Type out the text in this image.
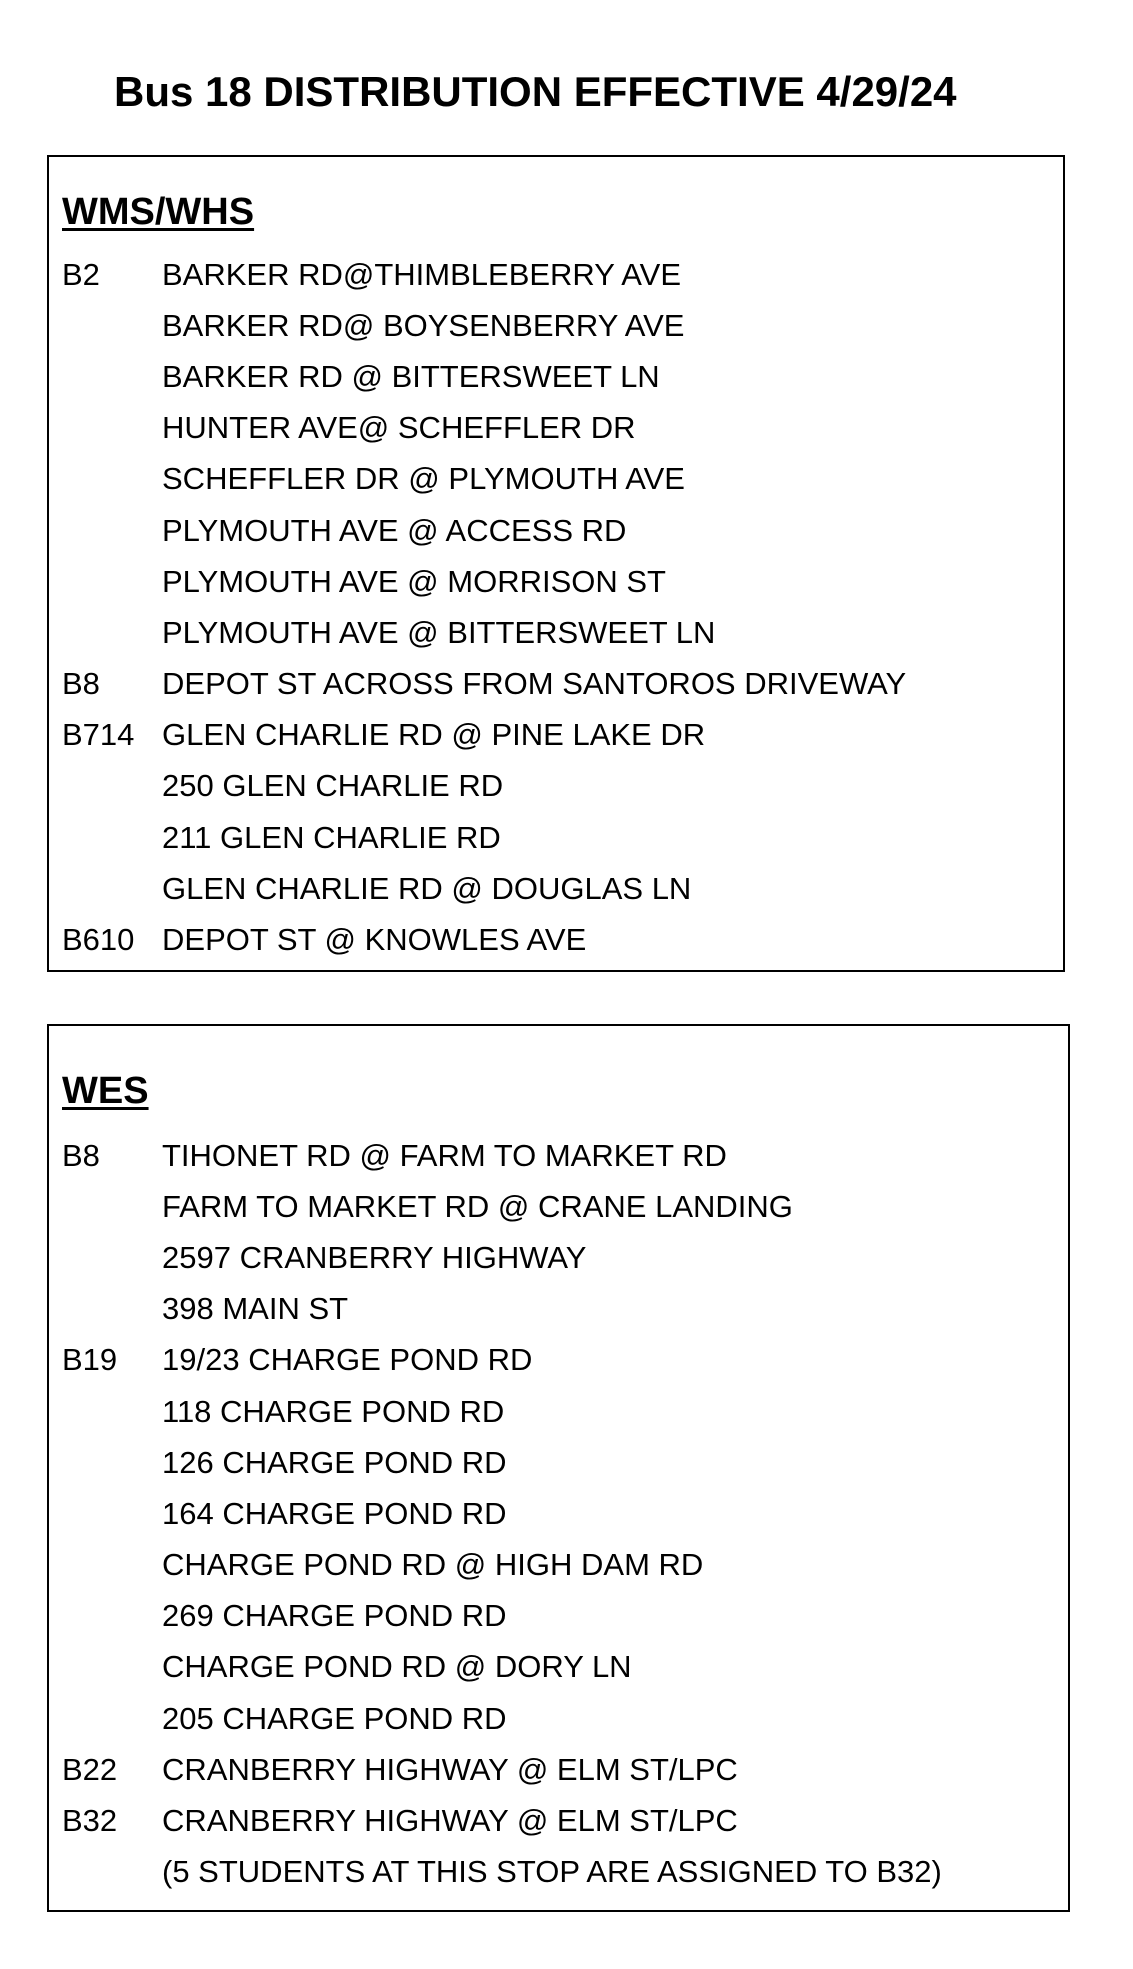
Bus 18 DISTRIBUTION EFFECTIVE 4/29/24
WMS/WHS
B2	BARKER RD@THIMBLEBERRY AVE
BARKER RD@ BOYSENBERRY AVE
BARKER RD @ BITTERSWEET LN
HUNTER AVE@ SCHEFFLER DR
SCHEFFLER DR @ PLYMOUTH AVE
PLYMOUTH AVE @ ACCESS RD
PLYMOUTH AVE @ MORRISON ST
PLYMOUTH AVE @ BITTERSWEET LN
B8	DEPOT ST ACROSS FROM SANTOROS DRIVEWAY
B714 GLEN CHARLIE RD @ PINE LAKE DR
250 GLEN CHARLIE RD
211 GLEN CHARLIE RD
GLEN CHARLIE RD @ DOUGLAS LN
B610 DEPOT ST @ KNOWLES AVE
WES
B8	TIHONET RD @ FARM TO MARKET RD
FARM TO MARKET RD @ CRANE LANDING
2597 CRANBERRY HIGHWAY
398 MAIN ST
B19	19/23 CHARGE POND RD
118 CHARGE POND RD
126 CHARGE POND RD
164 CHARGE POND RD
CHARGE POND RD @ HIGH DAM RD
269 CHARGE POND RD
CHARGE POND RD @ DORY LN
205 CHARGE POND RD
B22	CRANBERRY HIGHWAY @ ELM ST/LPC
B32	CRANBERRY HIGHWAY @ ELM ST/LPC
(5 STUDENTS AT THIS STOP ARE ASSIGNED TO B32)
